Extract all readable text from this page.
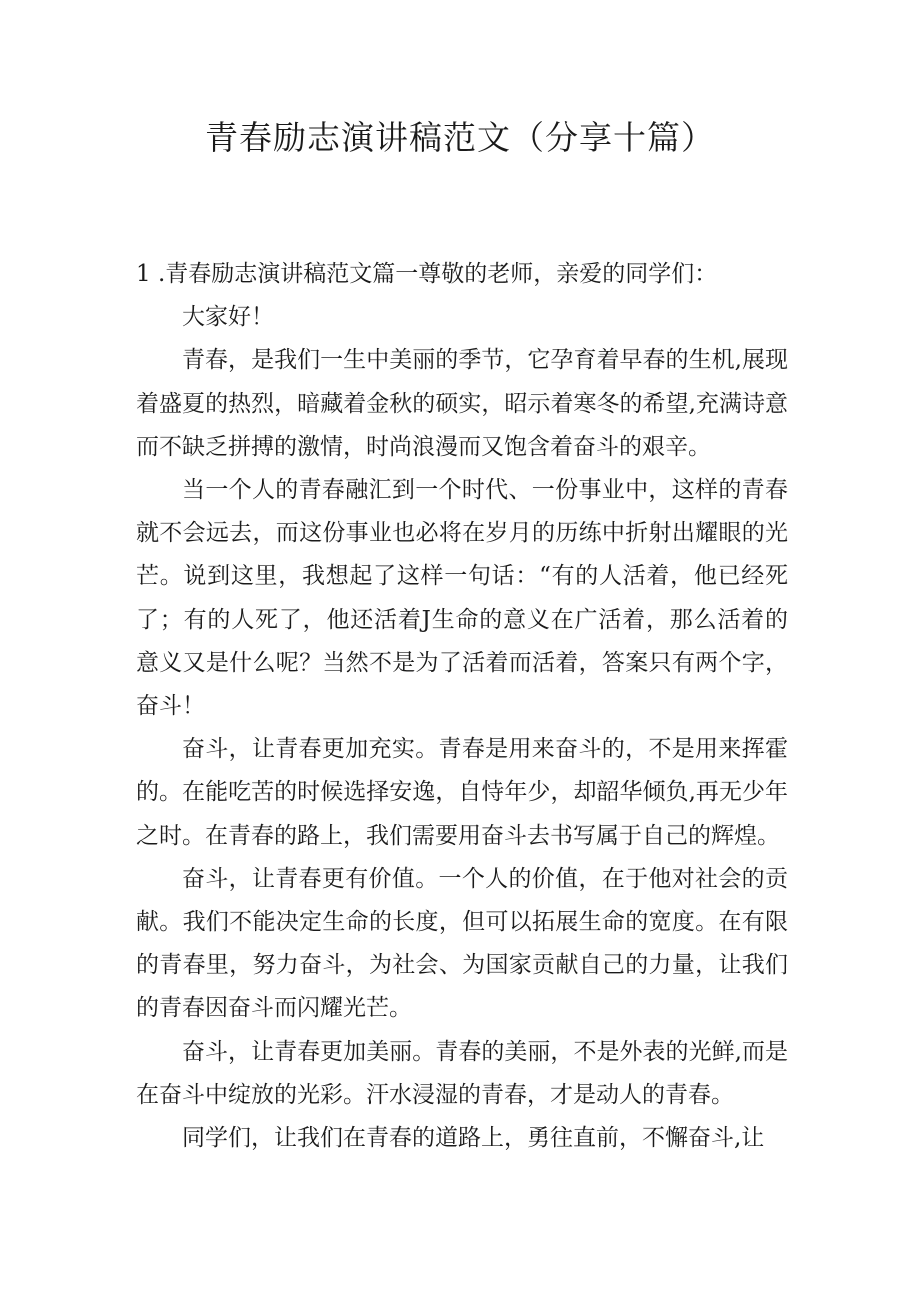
青春励志演讲稿范文（分享十篇）

1 .青春励志演讲稿范文篇一尊敬的老师，亲爱的同学们：

大家好！

青春，是我们一生中美丽的季节，它孕育着早春的生机,展现着盛夏的热烈，暗藏着金秋的硕实，昭示着寒冬的希望,充满诗意而不缺乏拼搏的激情，时尚浪漫而又饱含着奋斗的艰辛。

当一个人的青春融汇到一个时代、一份事业中，这样的青春就不会远去，而这份事业也必将在岁月的历练中折射出耀眼的光芒。说到这里，我想起了这样一句话：“有的人活着，他已经死了；有的人死了，他还活着J生命的意义在广活着，那么活着的意义又是什么呢？当然不是为了活着而活着，答案只有两个字，奋斗！

奋斗，让青春更加充实。青春是用来奋斗的，不是用来挥霍的。在能吃苦的时候选择安逸，自恃年少，却韶华倾负,再无少年之时。在青春的路上，我们需要用奋斗去书写属于自己的辉煌。

奋斗，让青春更有价值。一个人的价值，在于他对社会的贡献。我们不能决定生命的长度，但可以拓展生命的宽度。在有限的青春里，努力奋斗，为社会、为国家贡献自己的力量，让我们的青春因奋斗而闪耀光芒。

奋斗，让青春更加美丽。青春的美丽，不是外表的光鲜,而是在奋斗中绽放的光彩。汗水浸湿的青春，才是动人的青春。

同学们，让我们在青春的道路上，勇往直前，不懈奋斗,让
